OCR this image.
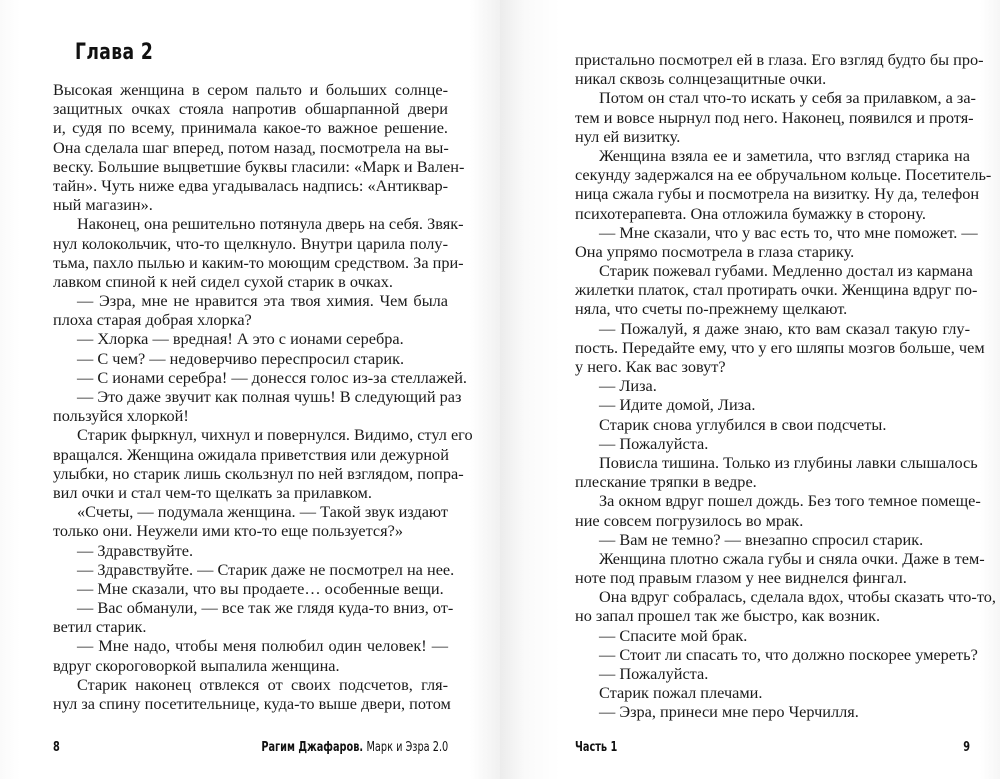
Глава 2
Высокая женщина в сером пальто и больших солнце-
защитных очках стояла напротив обшарпанной двери
и, судя по всему, принимала какое-то важное решение.
Она сделала шаг вперед, потом назад, посмотрела на вы-
веску. Большие выцветшие буквы гласили: «Марк и Вален-
тайн». Чуть ниже едва угадывалась надпись: «Антиквар-
ный магазин».
Наконец, она решительно потянула дверь на себя. Звяк-
нул колокольчик, что-то щелкнуло. Внутри царила полу-
тьма, пахло пылью и каким-то моющим средством. За при-
лавком спиной к ней сидел сухой старик в очках.
— Эзра, мне не нравится эта твоя химия. Чем была
плоха старая добрая хлорка?
— Хлорка — вредная! А это с ионами серебра.
— С чем? — недоверчиво переспросил старик.
— С ионами серебра! — донесся голос из-за стеллажей.
— Это даже звучит как полная чушь! В следующий раз
пользуйся хлоркой!
Старик фыркнул, чихнул и повернулся. Видимо, стул его
вращался. Женщина ожидала приветствия или дежурной
улыбки, но старик лишь скользнул по ней взглядом, попра-
вил очки и стал чем-то щелкать за прилавком.
«Счеты, — подумала женщина. — Такой звук издают
только они. Неужели ими кто-то еще пользуется?»
— Здравствуйте.
— Здравствуйте. — Старик даже не посмотрел на нее.
— Мне сказали, что вы продаете… особенные вещи.
— Вас обманули, — все так же глядя куда-то вниз, от-
ветил старик.
— Мне надо, чтобы меня полюбил один человек! —
вдруг скороговоркой выпалила женщина.
Старик наконец отвлекся от своих подсчетов, гля-
нул за спину посетительнице, куда-то выше двери, потом
8	Рагим Джафаров. Марк и Эзра 2.0
пристально посмотрел ей в глаза. Его взгляд будто бы про-
никал сквозь солнцезащитные очки.
Потом он стал что-то искать у себя за прилавком, а за-
тем и вовсе нырнул под него. Наконец, появился и протя-
нул ей визитку.
Женщина взяла ее и заметила, что взгляд старика на
секунду задержался на ее обручальном кольце. Посетитель-
ница сжала губы и посмотрела на визитку. Ну да, телефон
психотерапевта. Она отложила бумажку в сторону.
— Мне сказали, что у вас есть то, что мне поможет. —
Она упрямо посмотрела в глаза старику.
Старик пожевал губами. Медленно достал из кармана
жилетки платок, стал протирать очки. Женщина вдруг по-
няла, что счеты по-прежнему щелкают.
— Пожалуй, я даже знаю, кто вам сказал такую глу-
пость. Передайте ему, что у его шляпы мозгов больше, чем
у него. Как вас зовут?
— Лиза.
— Идите домой, Лиза.
Старик снова углубился в свои подсчеты.
— Пожалуйста.
Повисла тишина. Только из глубины лавки слышалось
плескание тряпки в ведре.
За окном вдруг пошел дождь. Без того темное помеще-
ние совсем погрузилось во мрак.
— Вам не темно? — внезапно спросил старик.
Женщина плотно сжала губы и сняла очки. Даже в тем-
ноте под правым глазом у нее виднелся фингал.
Она вдруг собралась, сделала вдох, чтобы сказать что-то,
но запал прошел так же быстро, как возник.
— Спасите мой брак.
— Стоит ли спасать то, что должно поскорее умереть?
— Пожалуйста.
Старик пожал плечами.
— Эзра, принеси мне перо Черчилля.
Часть 1	9
